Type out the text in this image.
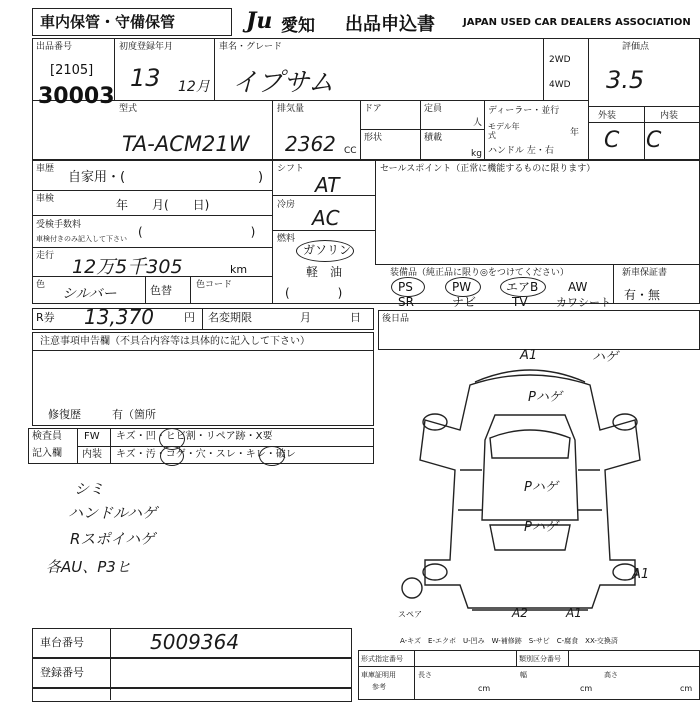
車内保管・守備保管	Ju 愛知 出品申込書	JAPAN USED CAR DEALERS ASSOCIATION
出品番号
[2105]
30003
初度登録年月
13 12月
車名・グレード
イプサム
2WD
4WD
評価点
3.5
型式
TA-ACM21W
排気量
2362 CC
ドア
形状
定員
人
積載
kg
ディーラー・並行
モデル年式	年
ハンドル 左・右
外装	内装
C C
車歴
自家用・(	)
車検	年　　月(　　日)
受検手数料
車検付きのみ記入して下さい (　　　　　　　　　)
走行 12万5千305	km
色
シルバー	色替	色コード
シフト
AT
冷房
AC
燃料
ガソリン
軽　油
(　　　　)
セールスポイント（正常に機能するものに限ります）
装備品（純正品に限り◎をつけてください）
PS	PW	エアB AW
SR	ナビ	TV	カワシート
新車保証書
有・無
R券 13,370	円 名変期限	月	日 後日品
注意事項申告欄（不具合内容等は具体的に記入して下さい）
修復歴	有（箇所
検査員
記入欄
FW キズ・凹・ヒビ割・リペア跡・X要
内装 キズ・汚・コゲ・穴・スレ・キレ・破レ
シミ
ハンドルハゲ
Rスポイハゲ
各AU、P3ヒ
A1	ハゲ
Pハゲ
Pハゲ
Pハゲ
A1
A2	A1
スペア
A-キズ　E-エクボ　U-凹み　W-補修跡　S-サビ　C-腐食　XX-交換済
車台番号	5009364
登録番号
形式指定番号	類別区分番号
車庫証明用
参考
長さ
cm
幅
cm
高さ
cm
